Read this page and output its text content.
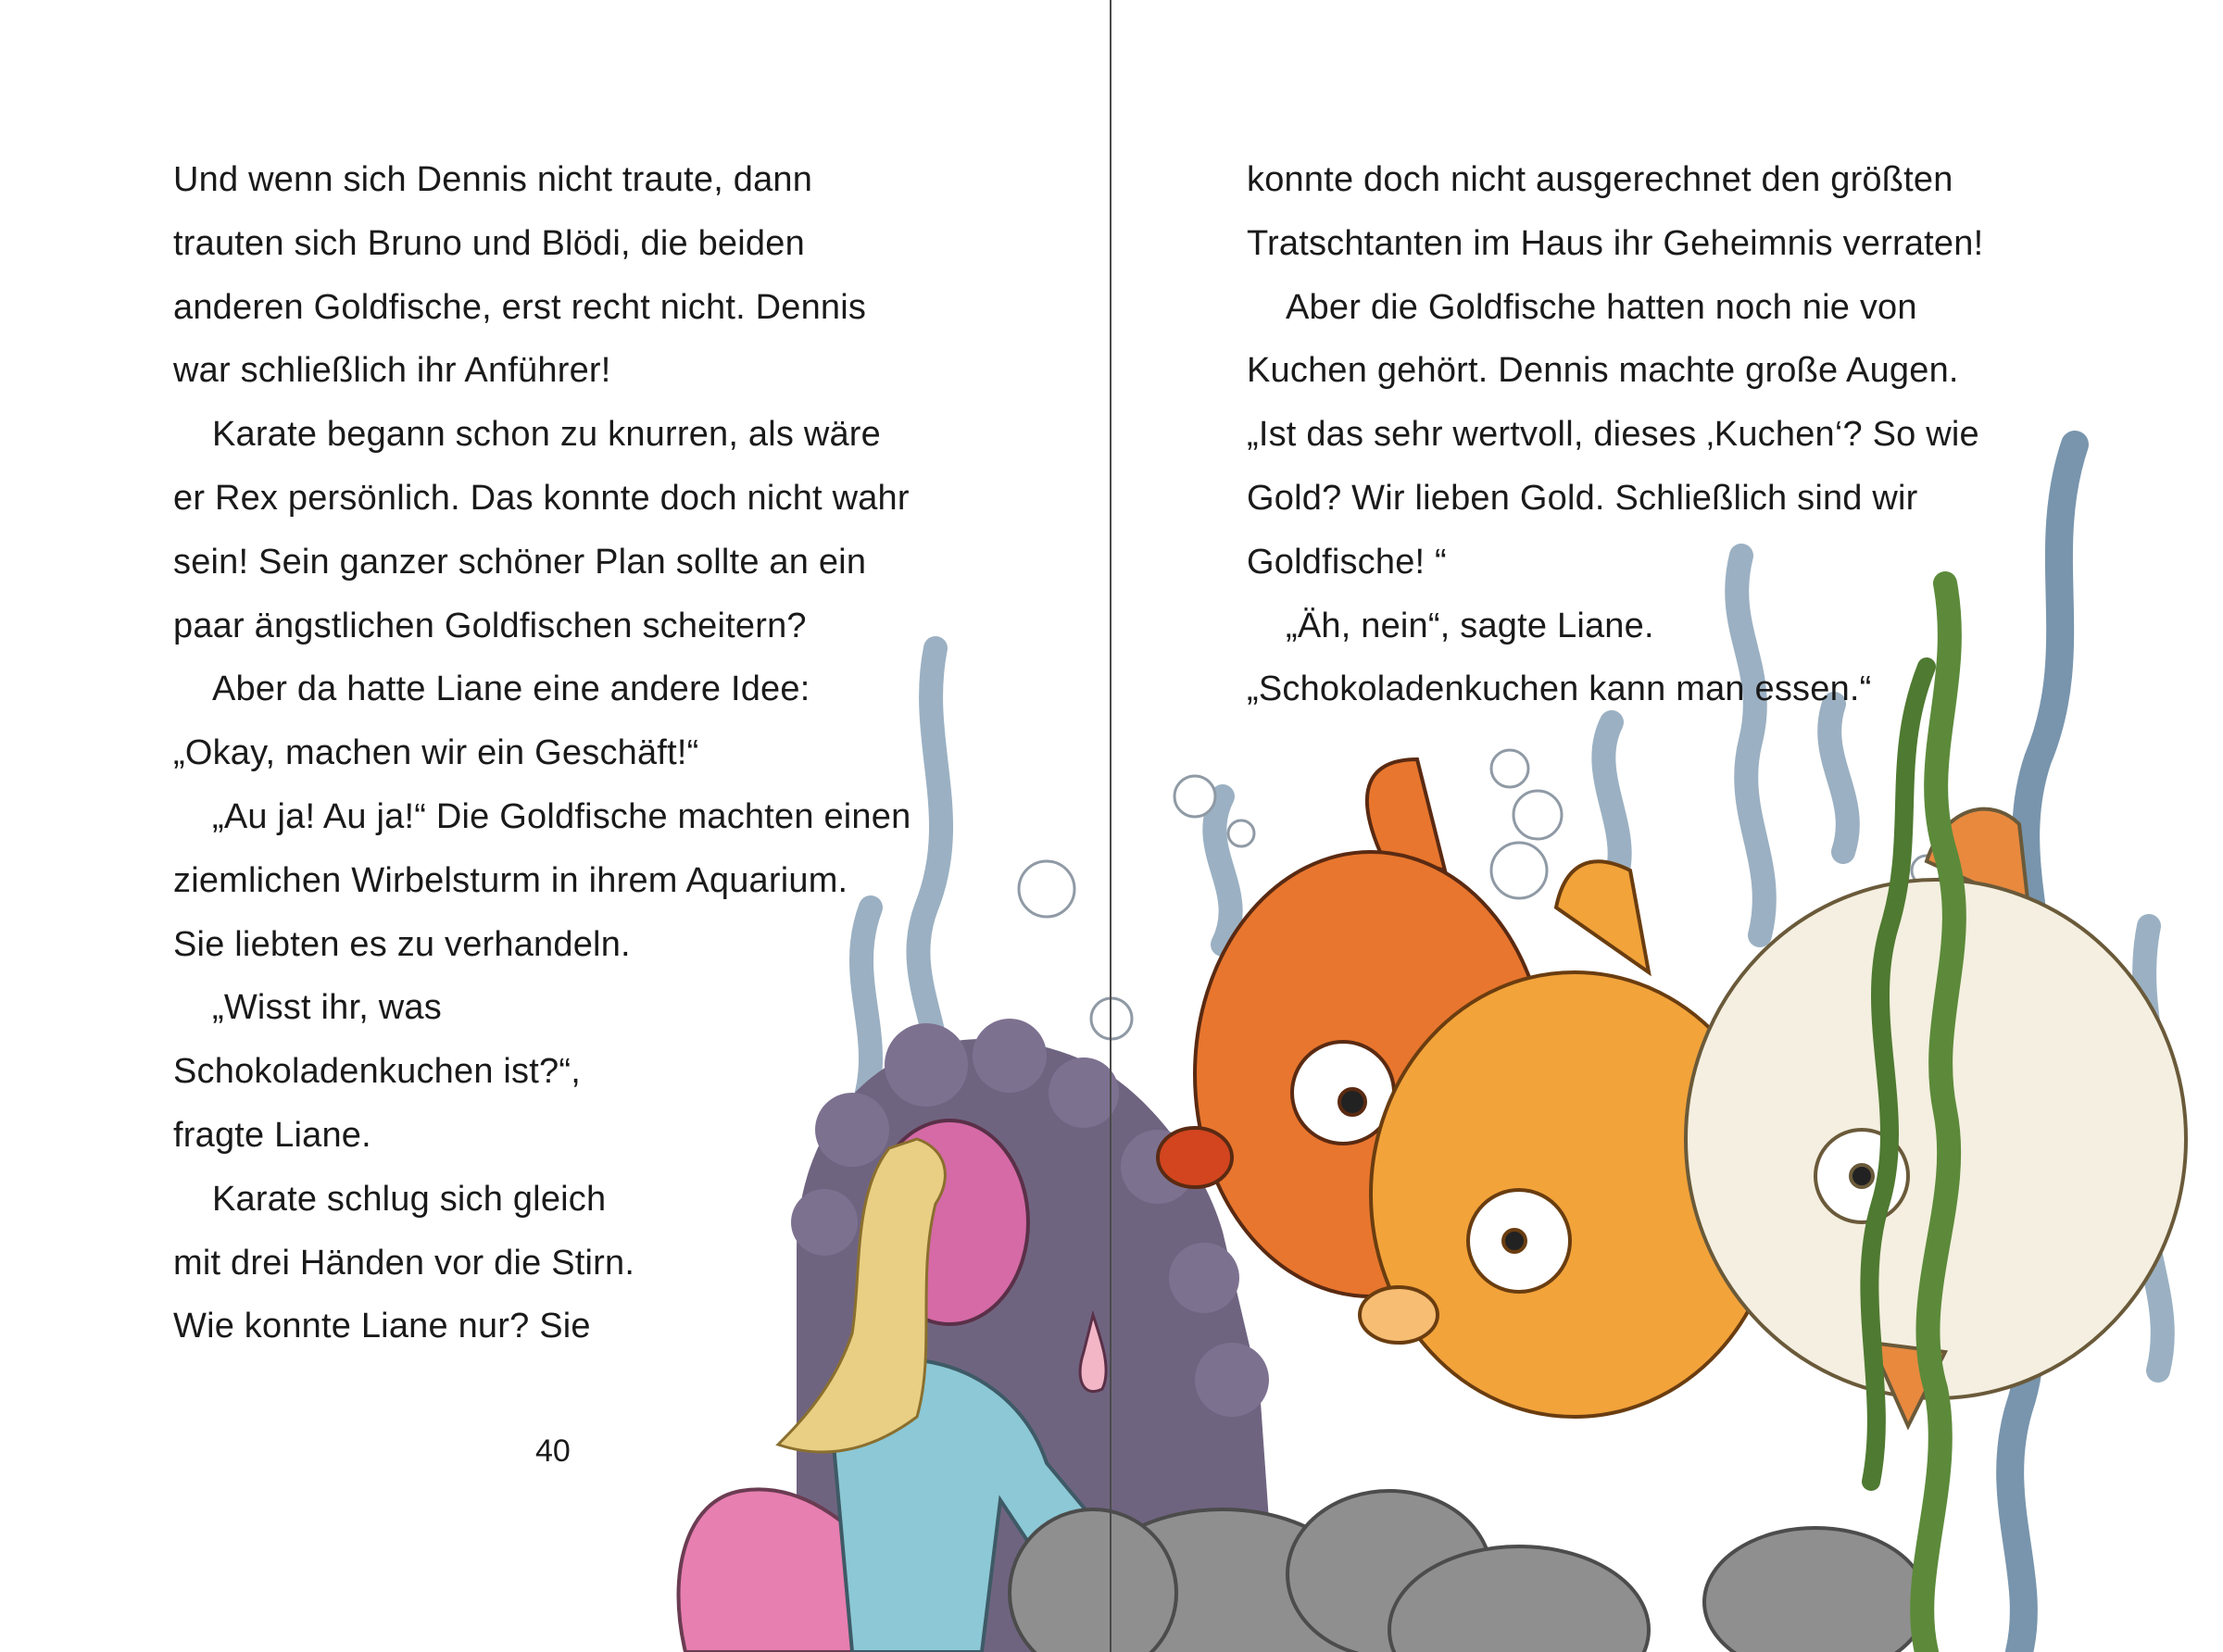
Und wenn sich Dennis nicht traute, dann
trauten sich Bruno und Blödi, die beiden
anderen Goldfische, erst recht nicht. Dennis
war schließlich ihr Anführer!
Karate begann schon zu knurren, als wäre
er Rex persönlich. Das konnte doch nicht wahr
sein! Sein ganzer schöner Plan sollte an ein
paar ängstlichen Goldfischen scheitern?
Aber da hatte Liane eine andere Idee:
„Okay, machen wir ein Geschäft!“
„Au ja! Au ja!“ Die Goldfische machten einen
ziemlichen Wirbelsturm in ihrem Aquarium.
Sie liebten es zu verhandeln.
„Wisst ihr, was
Schokoladenkuchen ist?“,
fragte Liane.
Karate schlug sich gleich
mit drei Händen vor die Stirn.
Wie konnte Liane nur? Sie
40
konnte doch nicht ausgerechnet den größten
Tratschtanten im Haus ihr Geheimnis verraten!
Aber die Goldfische hatten noch nie von
Kuchen gehört. Dennis machte große Augen.
„Ist das sehr wertvoll, dieses ‚Kuchen‘? So wie
Gold? Wir lieben Gold. Schließlich sind wir
Goldfische! “
„Äh, nein“, sagte Liane.
„Schokoladenkuchen kann man essen.“
